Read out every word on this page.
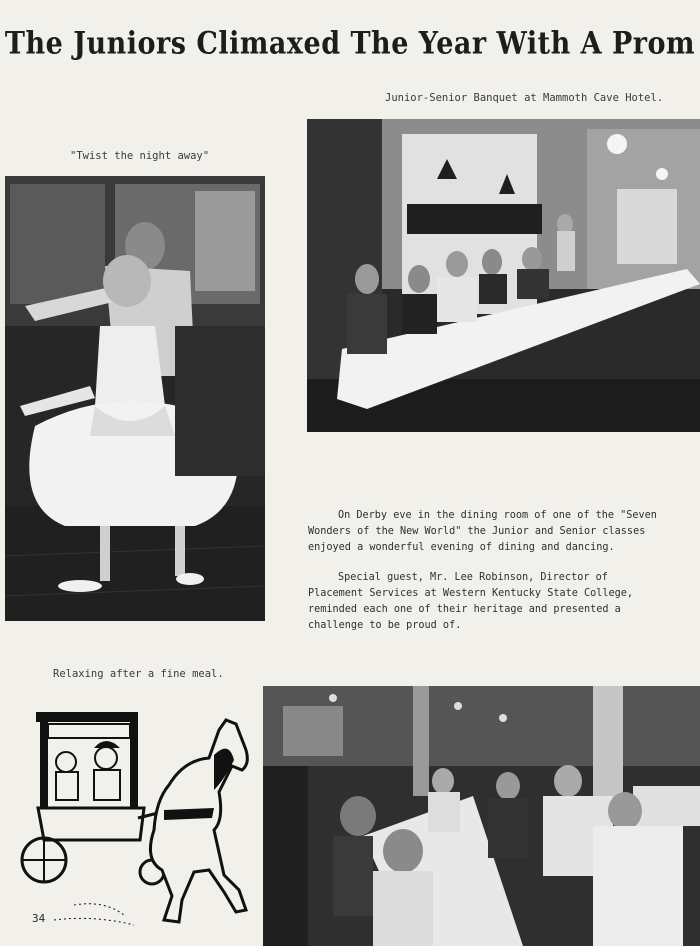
The Juniors Climaxed The Year With A Prom
Junior-Senior Banquet at Mammoth Cave Hotel.
"Twist the night away"

On Derby eve in the dining room of one of the "Seven Wonders of the New World" the Junior and Senior classes enjoyed a wonderful evening of dining and dancing.

Special guest, Mr. Lee Robinson, Director of Placement Services at Western Kentucky State College, reminded each one of their heritage and presented a challenge to be proud of.

Relaxing after a fine meal.
34
